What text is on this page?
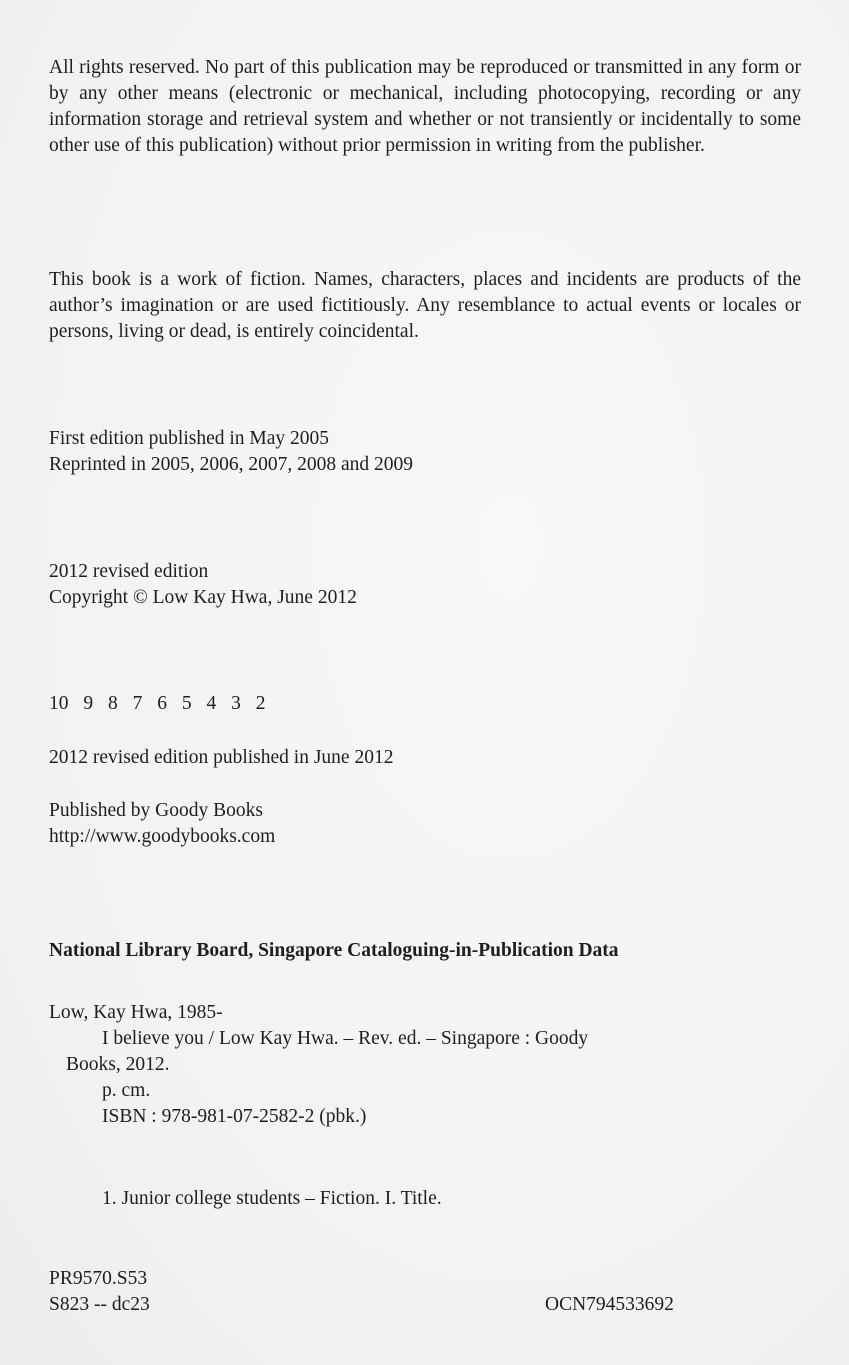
All rights reserved. No part of this publication may be reproduced or transmitted in any form or by any other means (electronic or mechanical, including photocopying, recording or any information storage and retrieval system and whether or not transiently or incidentally to some other use of this publication) without prior permission in writing from the publisher.
This book is a work of fiction. Names, characters, places and incidents are products of the author’s imagination or are used fictitiously. Any resemblance to actual events or locales or persons, living or dead, is entirely coincidental.
First edition published in May 2005
Reprinted in 2005, 2006, 2007, 2008 and 2009
2012 revised edition
Copyright © Low Kay Hwa, June 2012
10 9 8 7 6 5 4 3 2
2012 revised edition published in June 2012
Published by Goody Books
http://www.goodybooks.com
National Library Board, Singapore Cataloguing-in-Publication Data
Low, Kay Hwa, 1985-
I believe you / Low Kay Hwa. – Rev. ed. – Singapore : Goody
Books, 2012.
p. cm.
ISBN : 978-981-07-2582-2 (pbk.)
1. Junior college students – Fiction. I. Title.
PR9570.S53
S823 -- dc23	OCN794533692
